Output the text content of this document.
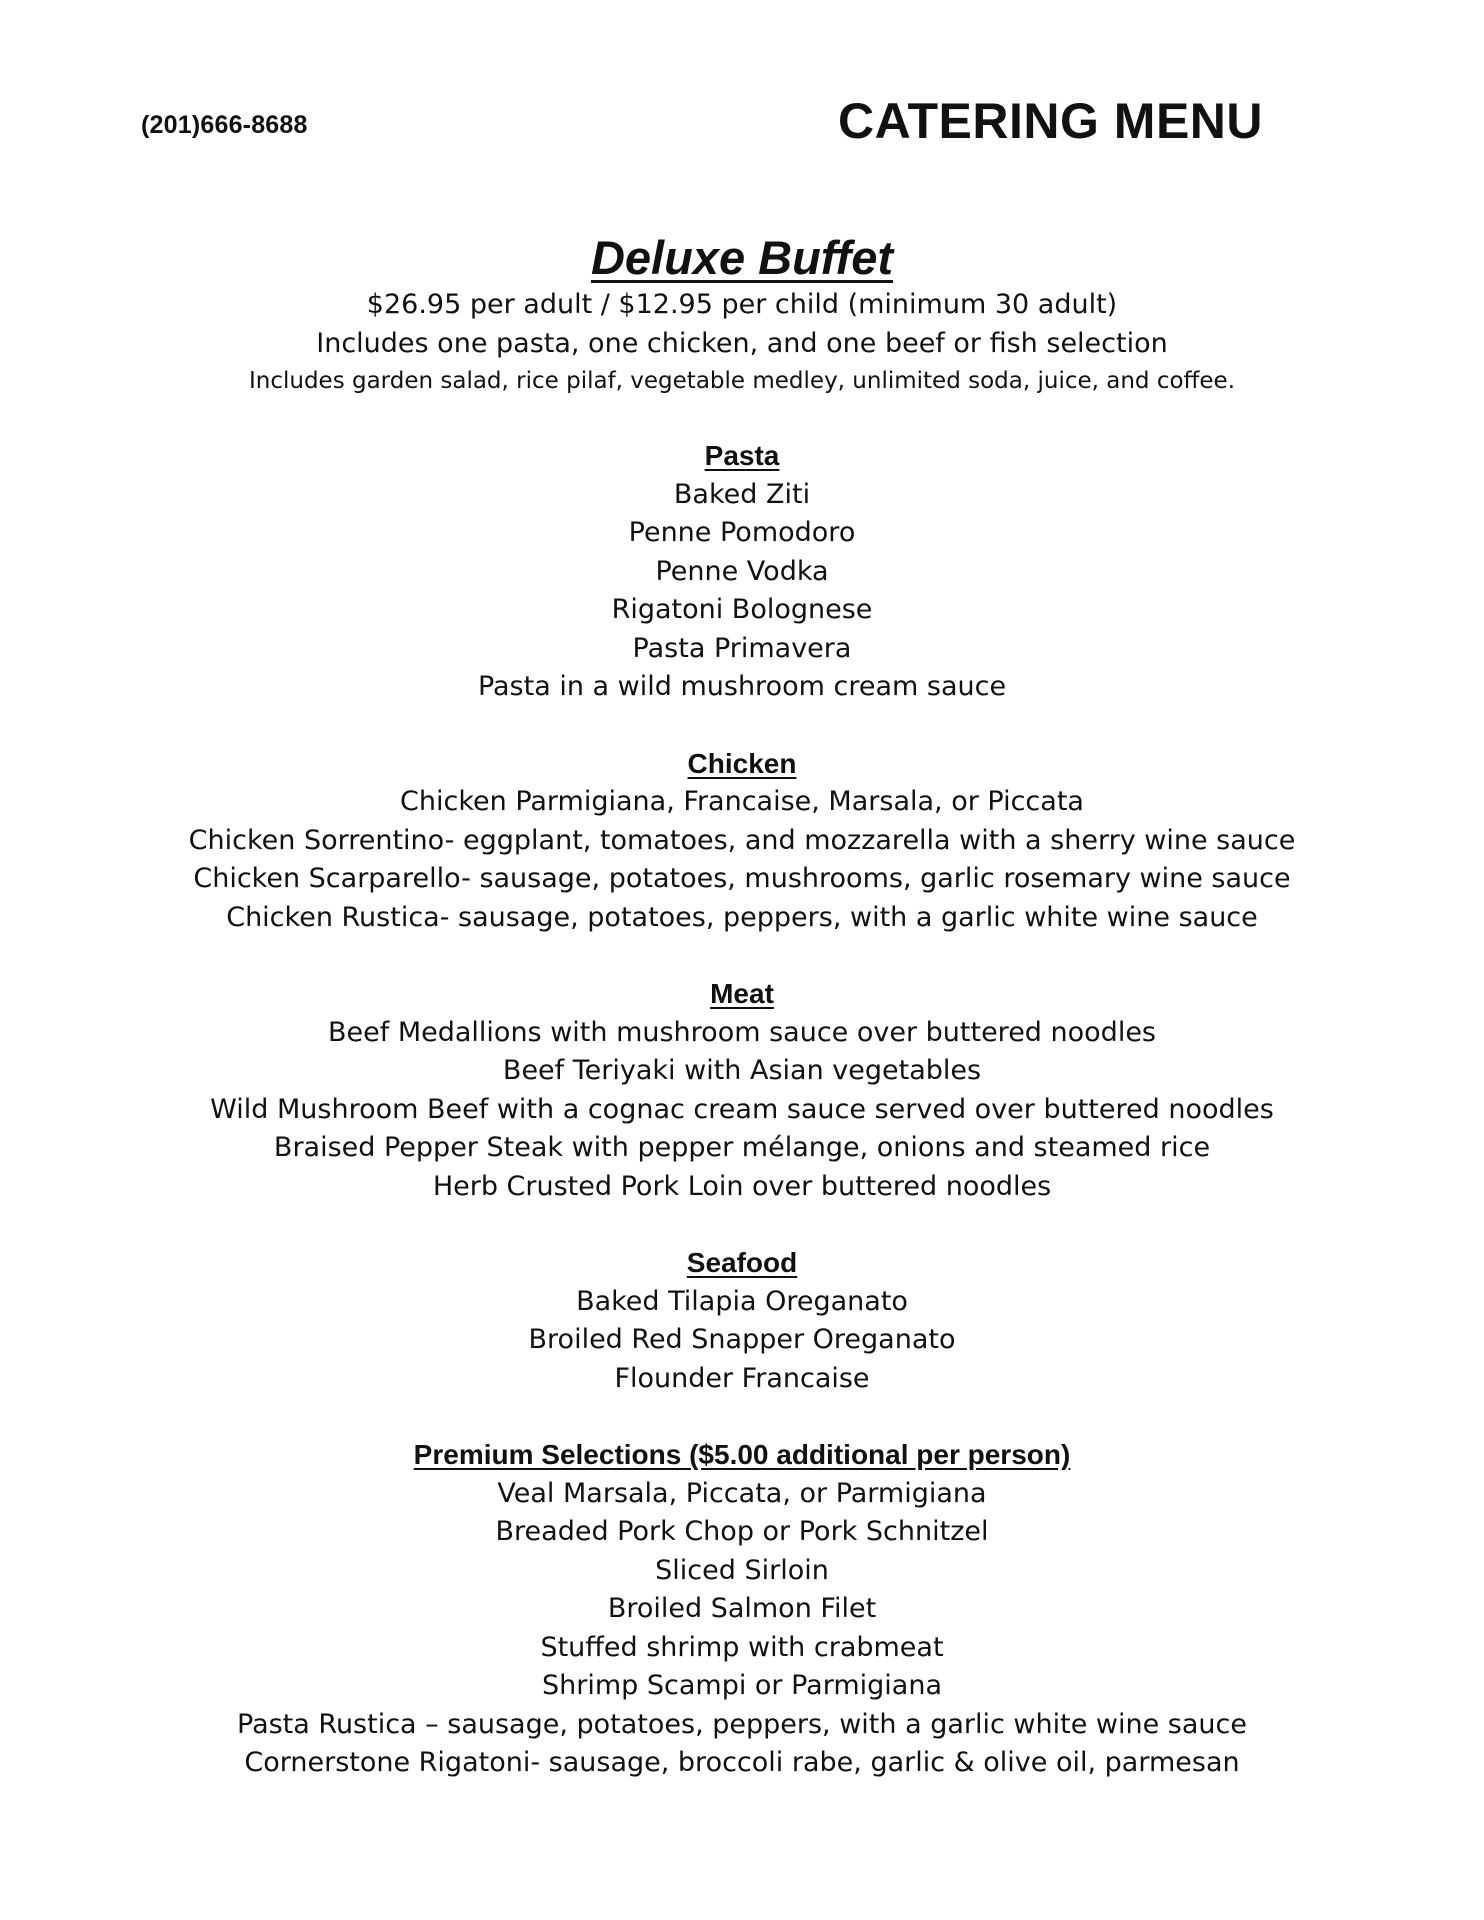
(201)666-8688	CATERING MENU
Deluxe Buffet
$26.95 per adult / $12.95 per child (minimum 30 adult)
Includes one pasta, one chicken, and one beef or fish selection
Includes garden salad, rice pilaf, vegetable medley, unlimited soda, juice, and coffee.
Pasta
Baked Ziti
Penne Pomodoro
Penne Vodka
Rigatoni Bolognese
Pasta Primavera
Pasta in a wild mushroom cream sauce
Chicken
Chicken Parmigiana, Francaise, Marsala, or Piccata
Chicken Sorrentino- eggplant, tomatoes, and mozzarella with a sherry wine sauce
Chicken Scarparello- sausage, potatoes, mushrooms, garlic rosemary wine sauce
Chicken Rustica- sausage, potatoes, peppers, with a garlic white wine sauce
Meat
Beef Medallions with mushroom sauce over buttered noodles
Beef Teriyaki with Asian vegetables
Wild Mushroom Beef with a cognac cream sauce served over buttered noodles
Braised Pepper Steak with pepper mélange, onions and steamed rice
Herb Crusted Pork Loin over buttered noodles
Seafood
Baked Tilapia Oreganato
Broiled Red Snapper Oreganato
Flounder Francaise
Premium Selections ($5.00 additional per person)
Veal Marsala, Piccata, or Parmigiana
Breaded Pork Chop or Pork Schnitzel
Sliced Sirloin
Broiled Salmon Filet
Stuffed shrimp with crabmeat
Shrimp Scampi or Parmigiana
Pasta Rustica – sausage, potatoes, peppers, with a garlic white wine sauce
Cornerstone Rigatoni- sausage, broccoli rabe, garlic & olive oil, parmesan
